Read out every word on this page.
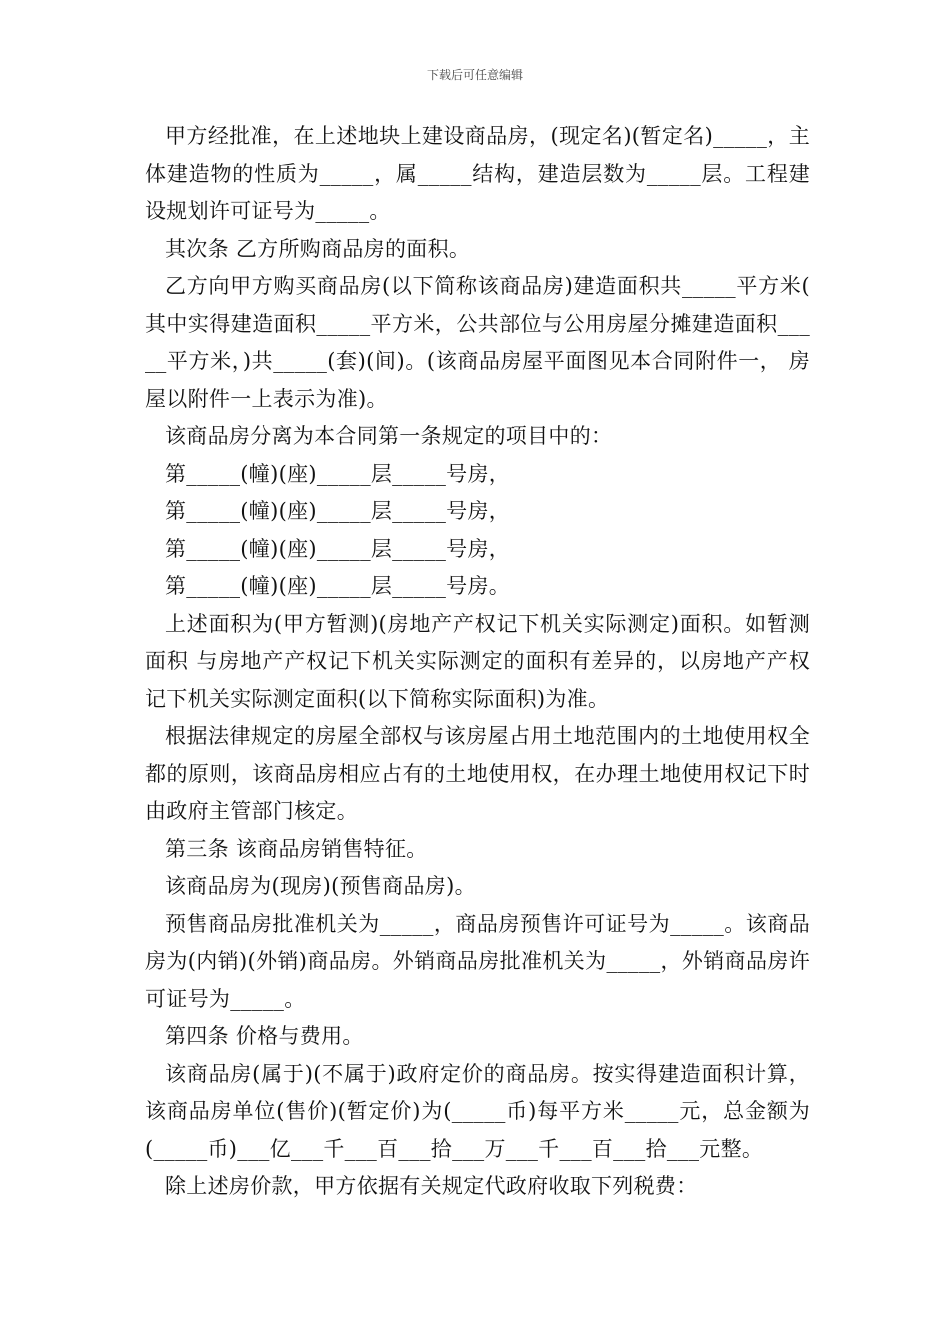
下载后可任意编辑

甲方经批准，在上述地块上建设商品房，(现定名)(暂定名)_____，主体建造物的性质为_____，属_____结构，建造层数为_____层。工程建设规划许可证号为_____。

其次条 乙方所购商品房的面积。

乙方向甲方购买商品房(以下简称该商品房)建造面积共_____平方米( 其中实得建造面积_____平方米，公共部位与公用房屋分摊建造面积_____平方米，)共_____(套)(间)。(该商品房屋平面图见本合同附件一， 房屋以附件一上表示为准)。

该商品房分离为本合同第一条规定的项目中的：

第_____(幢)(座)_____层_____号房，

第_____(幢)(座)_____层_____号房，

第_____(幢)(座)_____层_____号房，

第_____(幢)(座)_____层_____号房。

上述面积为(甲方暂测)(房地产产权记下机关实际测定)面积。如暂测面积 与房地产产权记下机关实际测定的面积有差异的，以房地产产权记下机关实际测定面积(以下简称实际面积)为准。

根据法律规定的房屋全部权与该房屋占用土地范围内的土地使用权全都的原则，该商品房相应占有的土地使用权，在办理土地使用权记下时由政府主管部门核定。

第三条 该商品房销售特征。

该商品房为(现房)(预售商品房)。

预售商品房批准机关为_____，商品房预售许可证号为_____。该商品房为(内销)(外销)商品房。外销商品房批准机关为_____，外销商品房许可证号为_____。

第四条 价格与费用。

该商品房(属于)(不属于)政府定价的商品房。按实得建造面积计算，该商品房单位(售价)(暂定价)为(_____币)每平方米_____元，总金额为(_____币)___亿___千___百___拾___万___千___百___拾___元整。

除上述房价款，甲方依据有关规定代政府收取下列税费：
